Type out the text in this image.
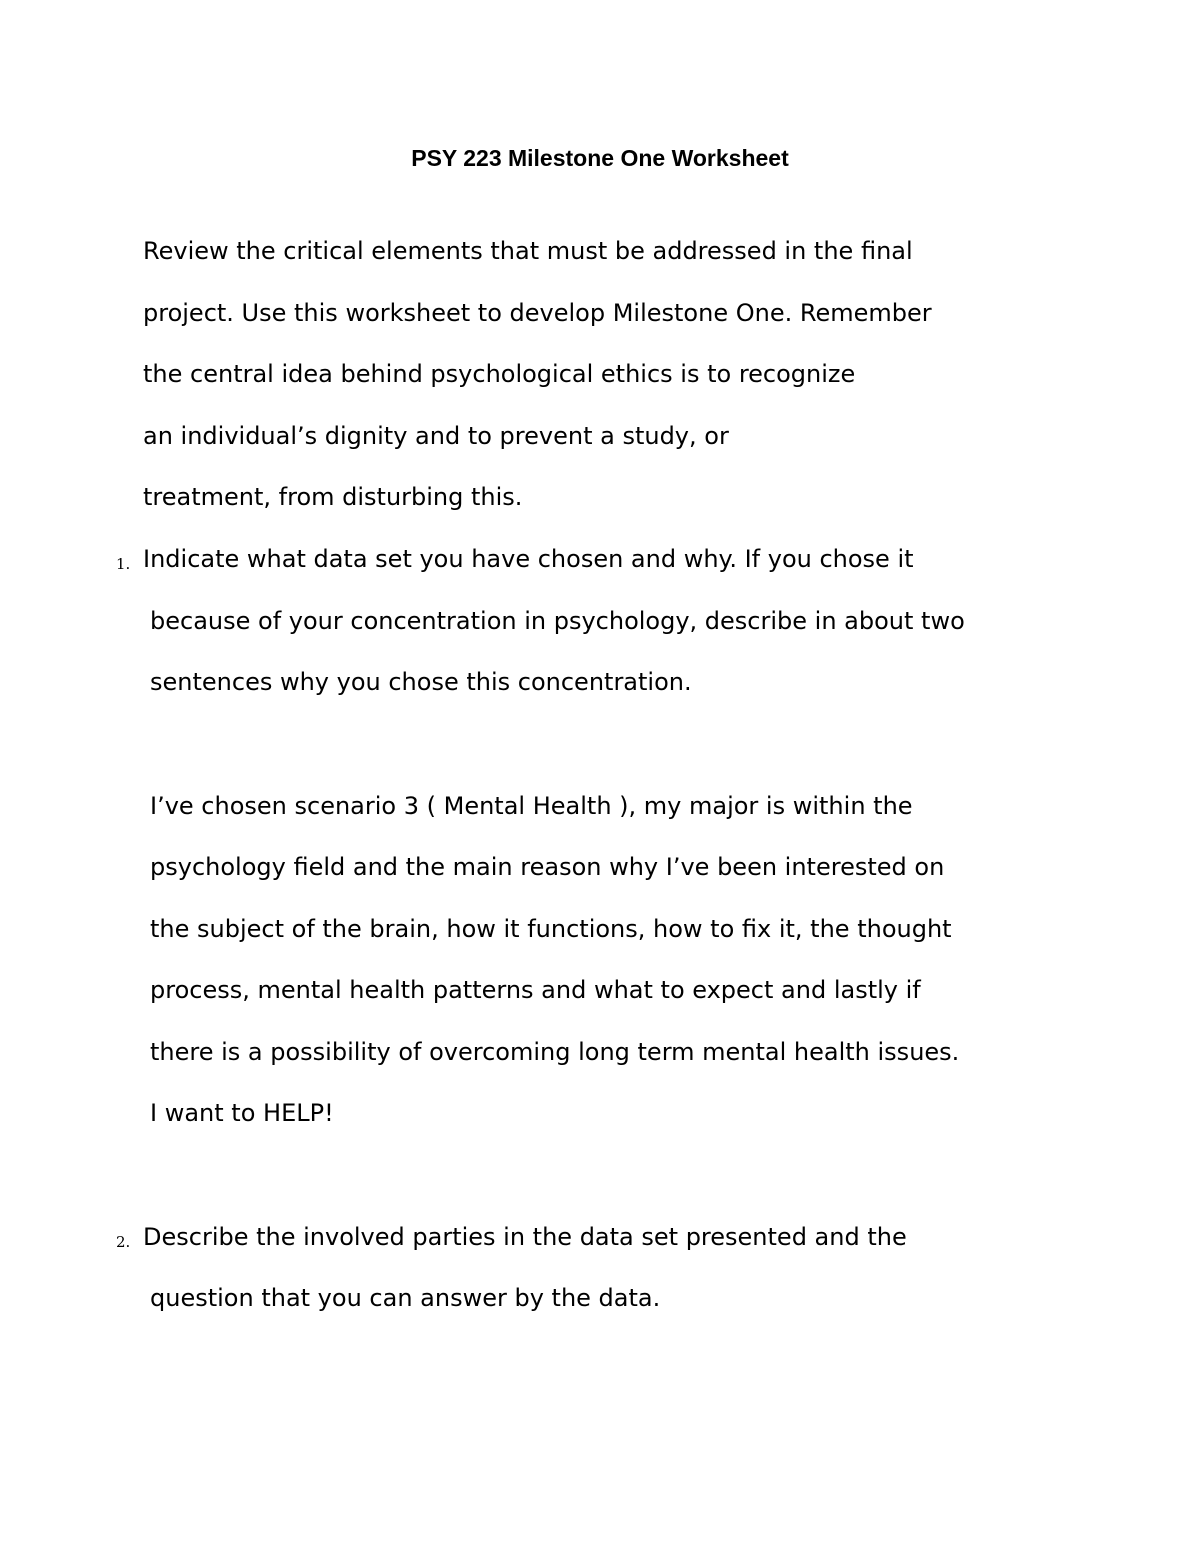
PSY 223 Milestone One Worksheet
Review the critical elements that must be addressed in the final
project. Use this worksheet to develop Milestone One. Remember
the central idea behind psychological ethics is to recognize
an individual’s dignity and to prevent a study, or
treatment, from disturbing this.
1. Indicate what data set you have chosen and why. If you chose it
because of your concentration in psychology, describe in about two
sentences why you chose this concentration.
I’ve chosen scenario 3 ( Mental Health ), my major is within the
psychology field and the main reason why I’ve been interested on
the subject of the brain, how it functions, how to fix it, the thought
process, mental health patterns and what to expect and lastly if
there is a possibility of overcoming long term mental health issues.
I want to HELP!
2. Describe the involved parties in the data set presented and the
question that you can answer by the data.
